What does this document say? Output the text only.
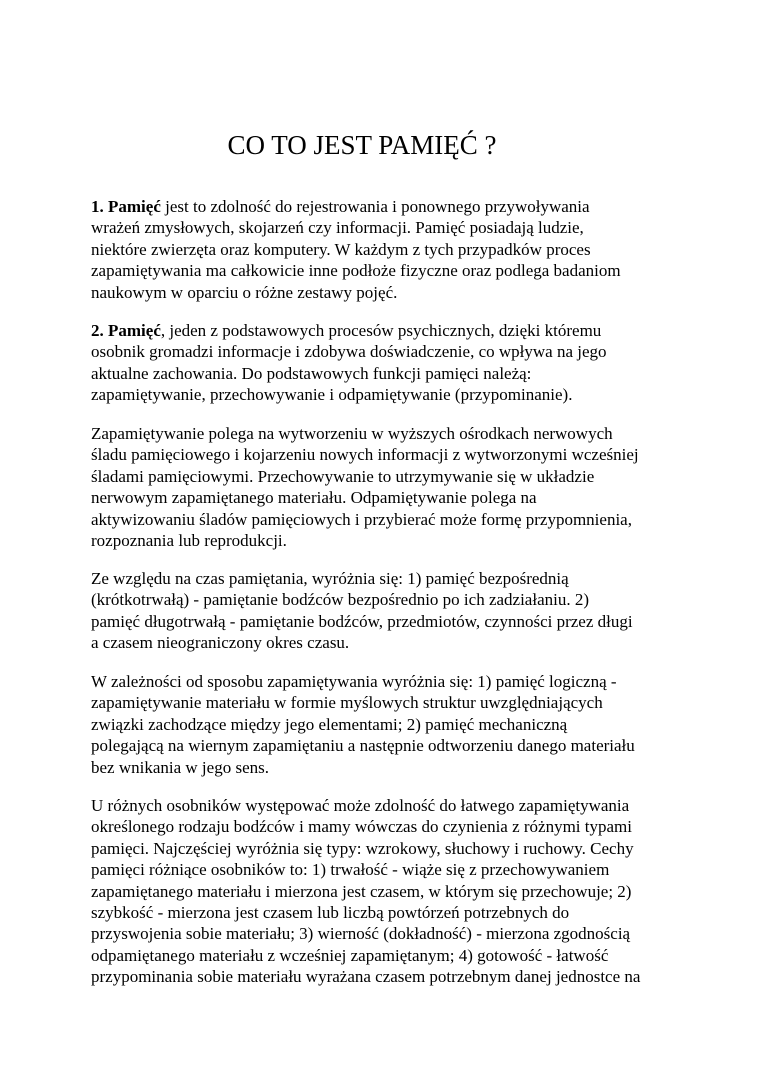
CO TO JEST PAMIĘĆ ?

1. Pamięć jest to zdolność do rejestrowania i ponownego przywoływania
wrażeń zmysłowych, skojarzeń czy informacji. Pamięć posiadają ludzie,
niektóre zwierzęta oraz komputery. W każdym z tych przypadków proces
zapamiętywania ma całkowicie inne podłoże fizyczne oraz podlega badaniom
naukowym w oparciu o różne zestawy pojęć.

2. Pamięć, jeden z podstawowych procesów psychicznych, dzięki któremu
osobnik gromadzi informacje i zdobywa doświadczenie, co wpływa na jego
aktualne zachowania. Do podstawowych funkcji pamięci należą:
zapamiętywanie, przechowywanie i odpamiętywanie (przypominanie).

Zapamiętywanie polega na wytworzeniu w wyższych ośrodkach nerwowych
śladu pamięciowego i kojarzeniu nowych informacji z wytworzonymi wcześniej
śladami pamięciowymi. Przechowywanie to utrzymywanie się w układzie
nerwowym zapamiętanego materiału. Odpamiętywanie polega na
aktywizowaniu śladów pamięciowych i przybierać może formę przypomnienia,
rozpoznania lub reprodukcji.

Ze względu na czas pamiętania, wyróżnia się: 1) pamięć bezpośrednią
(krótkotrwałą) - pamiętanie bodźców bezpośrednio po ich zadziałaniu. 2)
pamięć długotrwałą - pamiętanie bodźców, przedmiotów, czynności przez długi
a czasem nieograniczony okres czasu.

W zależności od sposobu zapamiętywania wyróżnia się: 1) pamięć logiczną -
zapamiętywanie materiału w formie myślowych struktur uwzględniających
związki zachodzące między jego elementami; 2) pamięć mechaniczną
polegającą na wiernym zapamiętaniu a następnie odtworzeniu danego materiału
bez wnikania w jego sens.

U różnych osobników występować może zdolność do łatwego zapamiętywania
określonego rodzaju bodźców i mamy wówczas do czynienia z różnymi typami
pamięci. Najczęściej wyróżnia się typy: wzrokowy, słuchowy i ruchowy. Cechy
pamięci różniące osobników to: 1) trwałość - wiąże się z przechowywaniem
zapamiętanego materiału i mierzona jest czasem, w którym się przechowuje; 2)
szybkość - mierzona jest czasem lub liczbą powtórzeń potrzebnych do
przyswojenia sobie materiału; 3) wierność (dokładność) - mierzona zgodnością
odpamiętanego materiału z wcześniej zapamiętanym; 4) gotowość - łatwość
przypominania sobie materiału wyrażana czasem potrzebnym danej jednostce na
